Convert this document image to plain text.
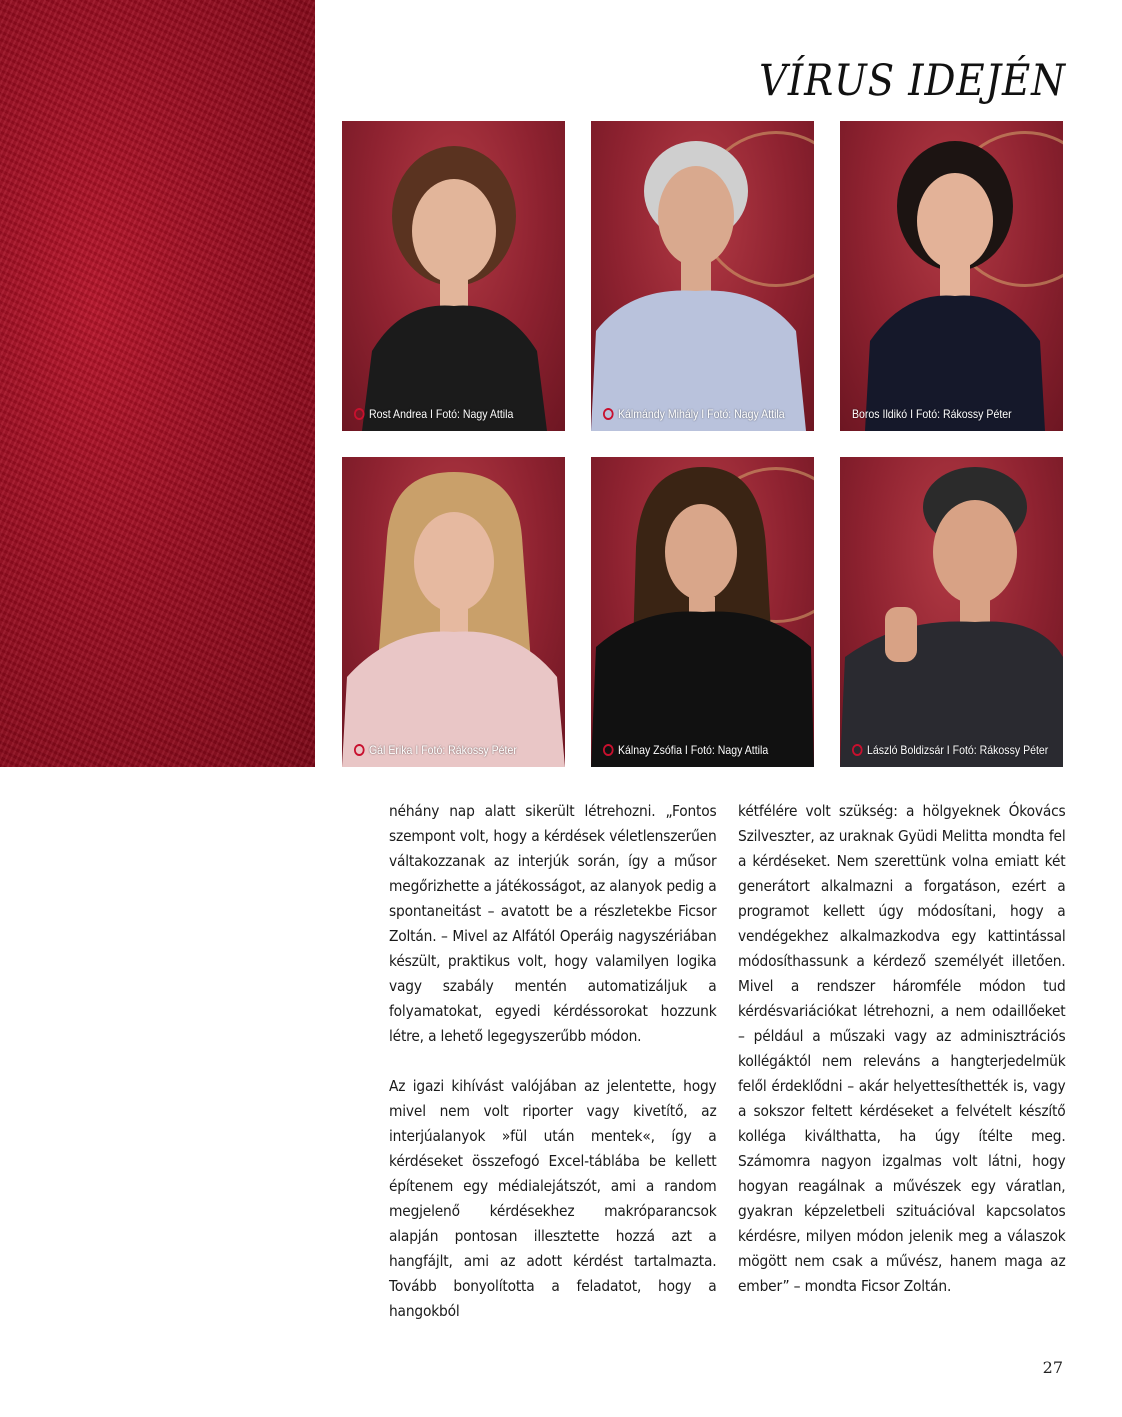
VÍRUS IDEJÉN
Rost Andrea I Fotó: Nagy Attila	Kálmándy Mihály I Fotó: Nagy Attila	Boros Ildikó I Fotó: Rákossy Péter
Gál Erika I Fotó: Rákossy Péter	Kálnay Zsófia I Fotó: Nagy Attila	László Boldizsár I Fotó: Rákossy Péter

néhány nap alatt sikerült létrehozni. „Fontos szempont volt, hogy a kérdések véletlenszerűen váltakozzanak az interjúk során, így a műsor megőrizhette a játékosságot, az alanyok pedig a spontaneitást – avatott be a részletekbe Ficsor Zoltán. – Mivel az Alfától Operáig nagyszériában készült, praktikus volt, hogy valamilyen logika vagy szabály mentén automatizáljuk a folyamatokat, egyedi kérdéssorokat hozzunk létre, a lehető legegyszerűbb módon.

Az igazi kihívást valójában az jelentette, hogy mivel nem volt riporter vagy kivetítő, az interjúalanyok »fül után mentek«, így a kérdéseket összefogó Excel-táblába be kellett építenem egy médialejátszót, ami a random megjelenő kérdésekhez makróparancsok alapján pontosan illesztette hozzá azt a hangfájlt, ami az adott kérdést tartalmazta. Tovább bonyolította a feladatot, hogy a hangokból

kétfélére volt szükség: a hölgyeknek Ókovács Szilveszter, az uraknak Gyüdi Melitta mondta fel a kérdéseket. Nem szerettünk volna emiatt két generátort alkalmazni a forgatáson, ezért a programot kellett úgy módosítani, hogy a vendégekhez alkalmazkodva egy kattintással módosíthassunk a kérdező személyét illetően. Mivel a rendszer háromféle módon tud kérdésvariációkat létrehozni, a nem odaillőeket – például a műszaki vagy az adminisztrációs kollégáktól nem releváns a hangterjedelmük felől érdeklődni – akár helyettesíthették is, vagy a sokszor feltett kérdéseket a felvételt készítő kolléga kiválthatta, ha úgy ítélte meg. Számomra nagyon izgalmas volt látni, hogy hogyan reagálnak a művészek egy váratlan, gyakran képzeletbeli szituációval kapcsolatos kérdésre, milyen módon jelenik meg a válaszok mögött nem csak a művész, hanem maga az ember” – mondta Ficsor Zoltán.

27
